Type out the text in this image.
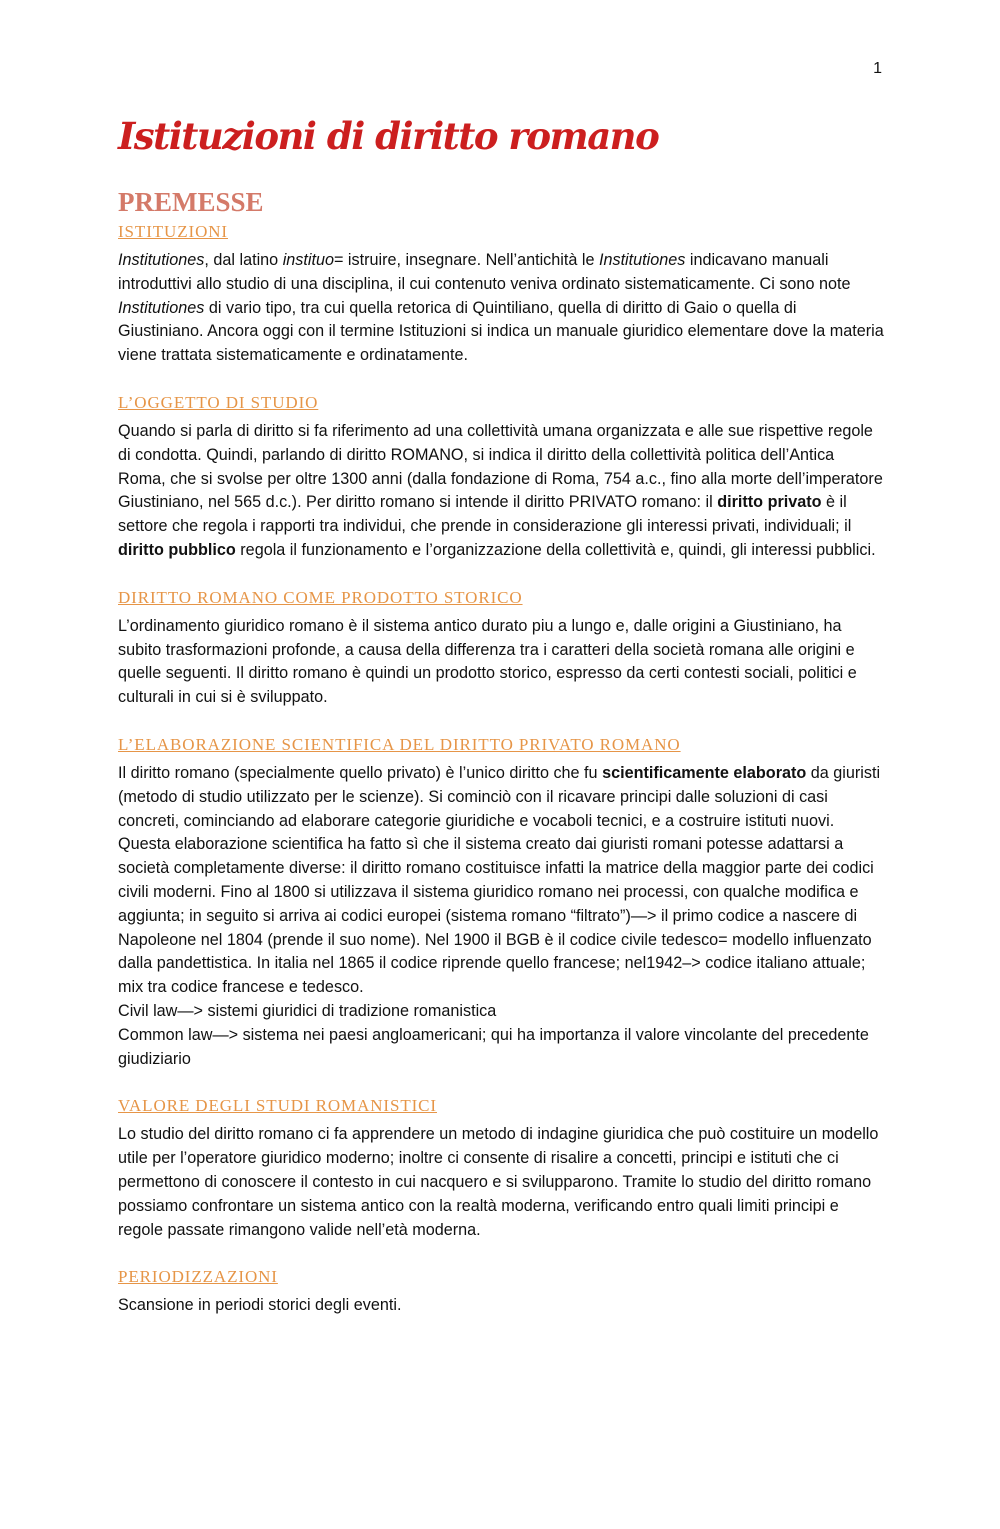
1
Istituzioni di diritto romano
PREMESSE
ISTITUZIONI

Institutiones, dal latino instituo= istruire, insegnare. Nell’antichità le Institutiones indicavano manuali introduttivi allo studio di una disciplina, il cui contenuto veniva ordinato sistematicamente. Ci sono note Institutiones di vario tipo, tra cui quella retorica di Quintiliano, quella di diritto di Gaio o quella di Giustiniano. Ancora oggi con il termine Istituzioni si indica un manuale giuridico elementare dove la materia viene trattata sistematicamente e ordinatamente.

L’OGGETTO DI STUDIO

Quando si parla di diritto si fa riferimento ad una collettività umana organizzata e alle sue rispettive regole di condotta. Quindi, parlando di diritto ROMANO, si indica il diritto della collettività politica dell’Antica Roma, che si svolse per oltre 1300 anni (dalla fondazione di Roma, 754 a.c., fino alla morte dell’imperatore Giustiniano, nel 565 d.c.). Per diritto romano si intende il diritto PRIVATO romano: il diritto privato è il settore che regola i rapporti tra individui, che prende in considerazione gli interessi privati, individuali; il diritto pubblico regola il funzionamento e l’organizzazione della collettività e, quindi, gli interessi pubblici.

DIRITTO ROMANO COME PRODOTTO STORICO

L’ordinamento giuridico romano è il sistema antico durato piu a lungo e, dalle origini a Giustiniano, ha subito trasformazioni profonde, a causa della differenza tra i caratteri della società romana alle origini e quelle seguenti. Il diritto romano è quindi un prodotto storico, espresso da certi contesti sociali, politici e culturali in cui si è sviluppato.

L’ELABORAZIONE SCIENTIFICA DEL DIRITTO PRIVATO ROMANO

Il diritto romano (specialmente quello privato) è l’unico diritto che fu scientificamente elaborato da giuristi (metodo di studio utilizzato per le scienze). Si cominciò con il ricavare principi dalle soluzioni di casi concreti, cominciando ad elaborare categorie giuridiche e vocaboli tecnici, e a costruire istituti nuovi. Questa elaborazione scientifica ha fatto sì che il sistema creato dai giuristi romani potesse adattarsi a società completamente diverse: il diritto romano costituisce infatti la matrice della maggior parte dei codici civili moderni. Fino al 1800 si utilizzava il sistema giuridico romano nei processi, con qualche modifica e aggiunta; in seguito si arriva ai codici europei (sistema romano “filtrato”)—> il primo codice a nascere di Napoleone nel 1804 (prende il suo nome). Nel 1900 il BGB è il codice civile tedesco= modello influenzato dalla pandettistica. In italia nel 1865 il codice riprende quello francese; nel1942–> codice italiano attuale; mix tra codice francese e tedesco.

Civil law—> sistemi giuridici di tradizione romanistica

Common law—> sistema nei paesi angloamericani; qui ha importanza il valore vincolante del precedente giudiziario

VALORE DEGLI STUDI ROMANISTICI

Lo studio del diritto romano ci fa apprendere un metodo di indagine giuridica che può costituire un modello utile per l’operatore giuridico moderno; inoltre ci consente di risalire a concetti, principi e istituti che ci permettono di conoscere il contesto in cui nacquero e si svilupparono. Tramite lo studio del diritto romano possiamo confrontare un sistema antico con la realtà moderna, verificando entro quali limiti principi e regole passate rimangono valide nell’età moderna.

PERIODIZZAZIONI

Scansione in periodi storici degli eventi.
